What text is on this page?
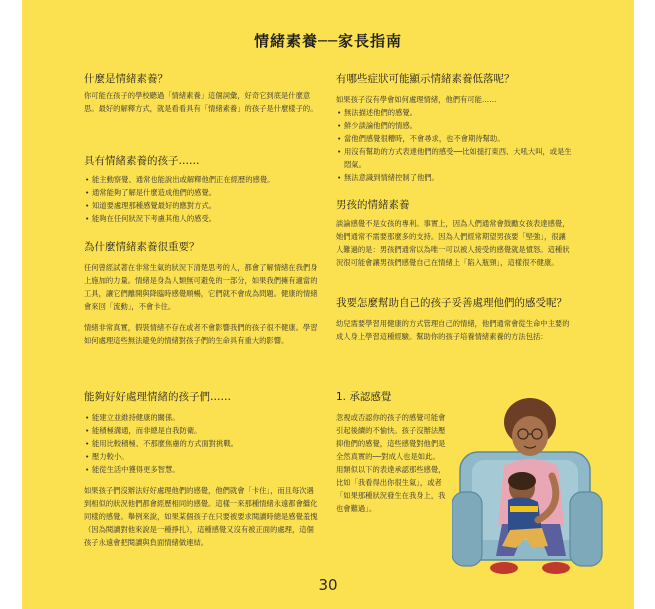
情緒素養──家長指南
什麼是情緒素養？

你可能在孩子的學校聽過「情緒素養」這個詞彙，好奇它到底是什麼意思。最好的解釋方式，就是看看具有「情緒素養」的孩子是什麼樣子的。

具有情緒素養的孩子……
• 能主動察覺、通常也能說出或解釋他們正在經歷的感覺。
• 通常能夠了解是什麼造成他們的感覺。
• 知道要處理那種感覺最好的應對方式。
• 能夠在任何狀況下考慮其他人的感受。
為什麼情緒素養很重要？

任何曾經試著在非常生氣的狀況下清楚思考的人，都會了解情緒在我們身上施加的力量。情緒是身為人類無可避免的一部分，如果我們擁有適當的工具，讓它們離開與降臨時感覺順暢，它們就不會成為問題。健康的情緒會來回「流動」，不會卡住。

情緒非常真實，假裝情緒不存在或者不會影響我們的孩子很不健康。學習如何處理這些無法避免的情緒對孩子們的生命具有重大的影響。

能夠好好處理情緒的孩子們……
• 能建立並維持健康的關係。
• 能積極溝通，而非總是自我防衛。
• 能用比較積極、不那麼焦慮的方式面對挑戰。
• 壓力較小。
• 能從生活中獲得更多智慧。

如果孩子們沒辦法好好處理他們的感覺，他們就會「卡住」，而且每次遇到相似的狀況他們都會經歷相同的感覺。這樣一來那種情緒永遠都會繼化同樣的感覺。舉例來說，如果某個孩子在只要被要求閱讀時總是感覺羞愧（因為閱讀對他來說是一種掙扎），這種感覺又沒有被正面的處理，這個孩子永遠會把閱讀與負面情緒做連結。

有哪些症狀可能顯示情緒素養低落呢？

如果孩子沒有學會如何處理情緒，他們有可能……

• 無法描述他們的感覺。
• 鮮少談論他們的情感。
• 當他們感覺很糟時，不會尋求，也不會期待幫助。
• 用沒有幫助的方式表達他們的感受──比如搥打東西、大吼大叫，或是生悶氣。
• 無法意識到情緒控制了他們。
男孩的情緒素養

談論感覺不是女孩的專利。事實上，因為人們通常會鼓勵女孩表達感覺，她們通常不需要那麼多的支持。因為人們經常期望男孩要「堅強」，很讓人難過的是：男孩們通常以為唯一可以被人接受的感覺就是憤怒。這種狀況很可能會讓男孩們感覺自己在情緒上「陷入瓶頸」，這樣很不健康。

我要怎麼幫助自己的孩子妥善處理他們的感受呢？

幼兒需要學習用健康的方式管理自己的情緒，他們通常會從生命中主要的成人身上學習這種經驗。幫助你的孩子培養情緒素養的方法包括：

1. 承認感覺

忽視或否認你的孩子的感覺可能會引起後續的不愉快。孩子沒辦法壓抑他們的感覺，這些感覺對他們是全然真實的──對成人也是如此。用類似以下的表達承認那些感覺，比如「我看得出你很生氣」，或者「如果那種狀況發生在我身上，我也會難過」。

30
